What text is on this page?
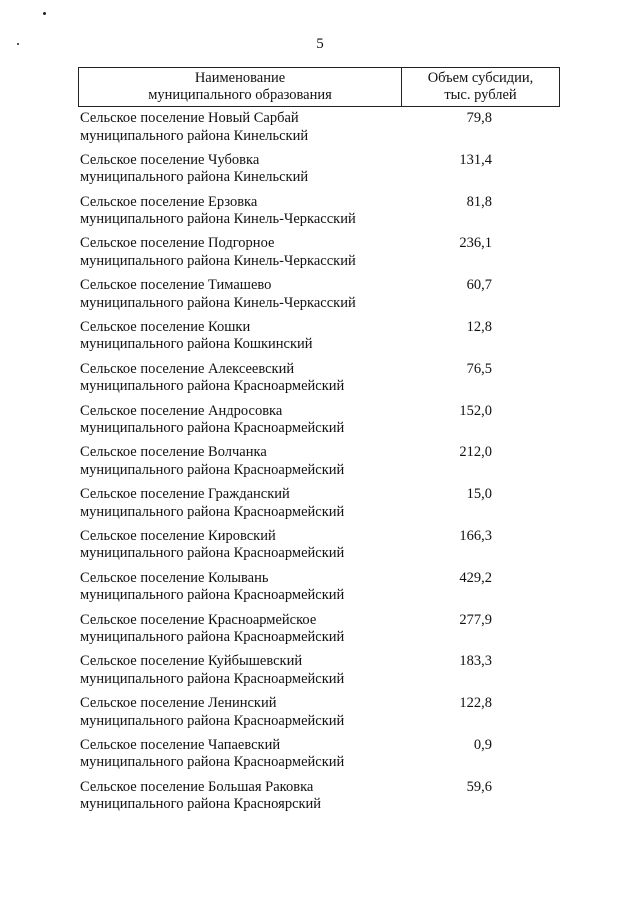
5
Наименование
муниципального образования
Объем субсидии,
тыс. рублей
Сельское поселение Новый Сарбай
муниципального района Кинельский
79,8
Сельское поселение Чубовка
муниципального района Кинельский
131,4
Сельское поселение Ерзовка
муниципального района Кинель-Черкасский
81,8
Сельское поселение Подгорное
муниципального района Кинель-Черкасский
236,1
Сельское поселение Тимашево
муниципального района Кинель-Черкасский
60,7
Сельское поселение Кошки
муниципального района Кошкинский
12,8
Сельское поселение Алексеевский
муниципального района Красноармейский
76,5
Сельское поселение Андросовка
муниципального района Красноармейский
152,0
Сельское поселение Волчанка
муниципального района Красноармейский
212,0
Сельское поселение Гражданский
муниципального района Красноармейский
15,0
Сельское поселение Кировский
муниципального района Красноармейский
166,3
Сельское поселение Колывань
муниципального района Красноармейский
429,2
Сельское поселение Красноармейское
муниципального района Красноармейский
277,9
Сельское поселение Куйбышевский
муниципального района Красноармейский
183,3
Сельское поселение Ленинский
муниципального района Красноармейский
122,8
Сельское поселение Чапаевский
муниципального района Красноармейский
0,9
Сельское поселение Большая Раковка
муниципального района Красноярский
59,6
